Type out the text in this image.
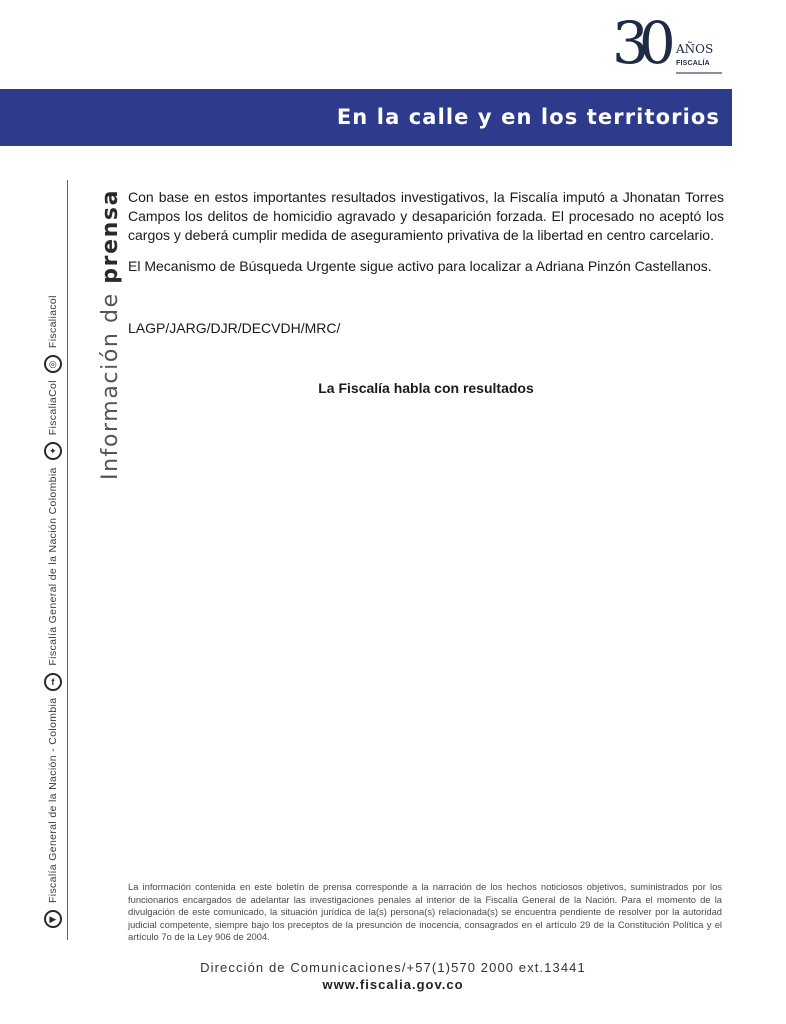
30 AÑOS
FISCALÍA
En la calle y en los territorios
▶
Fiscalía General de la Nación - Colombia
f
Fiscalía General de la Nación Colombia
✦
FiscaliaCol
◎
Fiscaliacol Información de prensa Con base en estos importantes resultados investigativos, la Fiscalía imputó a Jhonatan Torres Campos los delitos de homicidio agravado y desaparición forzada. El procesado no aceptó los cargos y deberá cumplir medida de aseguramiento privativa de la libertad en centro carcelario.

El Mecanismo de Búsqueda Urgente sigue activo para localizar a Adriana Pinzón Castellanos.

LAGP/JARG/DJR/DECVDH/MRC/
La Fiscalía habla con resultados
La información contenida en este boletín de prensa corresponde a la narración de los hechos noticiosos objetivos, suministrados por los funcionarios encargados de adelantar las investigaciones penales al interior de la Fiscalía General de la Nación. Para el momento de la divulgación de este comunicado, la situación jurídica de la(s) persona(s) relacionada(s) se encuentra pendiente de resolver por la autoridad judicial competente, siempre bajo los preceptos de la presunción de inocencia, consagrados en el artículo 29 de la Constitución Política y el artículo 7o de la Ley 906 de 2004.
Dirección de Comunicaciones/+57(1)570 2000 ext.13441
www.fiscalia.gov.co
